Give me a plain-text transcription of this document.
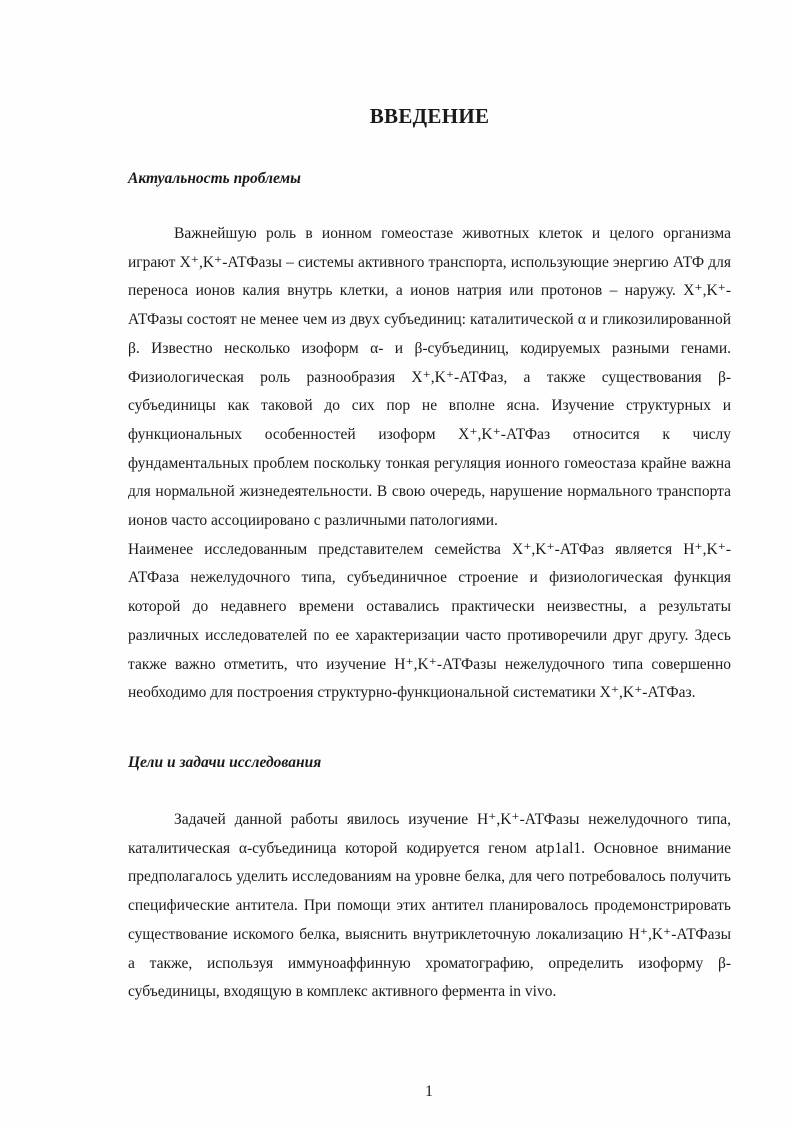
ВВЕДЕНИЕ
Актуальность проблемы

Важнейшую роль в ионном гомеостазе животных клеток и целого организма играют X⁺,K⁺-АТФазы – системы активного транспорта, использующие энергию АТФ для переноса ионов калия внутрь клетки, а ионов натрия или протонов – наружу. X⁺,K⁺-АТФазы состоят не менее чем из двух субъединиц: каталитической α и гликозилированной β. Известно несколько изоформ α- и β-субъединиц, кодируемых разными генами. Физиологическая роль разнообразия X⁺,K⁺-АТФаз, а также существования β-субъединицы как таковой до сих пор не вполне ясна. Изучение структурных и функциональных особенностей изоформ X⁺,K⁺-АТФаз относится к числу фундаментальных проблем поскольку тонкая регуляция ионного гомеостаза крайне важна для нормальной жизнедеятельности. В свою очередь, нарушение нормального транспорта ионов часто ассоциировано с различными патологиями.

Наименее исследованным представителем семейства X⁺,K⁺-АТФаз является H⁺,K⁺-АТФаза нежелудочного типа, субъединичное строение и физиологическая функция которой до недавнего времени оставались практически неизвестны, а результаты различных исследователей по ее характеризации часто противоречили друг другу. Здесь также важно отметить, что изучение H⁺,K⁺-АТФазы нежелудочного типа совершенно необходимо для построения структурно-функциональной систематики X⁺,K⁺-АТФаз.

Цели и задачи исследования

Задачей данной работы явилось изучение H⁺,K⁺-АТФазы нежелудочного типа, каталитическая α-субъединица которой кодируется геном atp1al1. Основное внимание предполагалось уделить исследованиям на уровне белка, для чего потребовалось получить специфические антитела. При помощи этих антител планировалось продемонстрировать существование искомого белка, выяснить внутриклеточную локализацию H⁺,K⁺-АТФазы а также, используя иммуноаффинную хроматографию, определить изоформу β-субъединицы, входящую в комплекс активного фермента in vivo.

1
